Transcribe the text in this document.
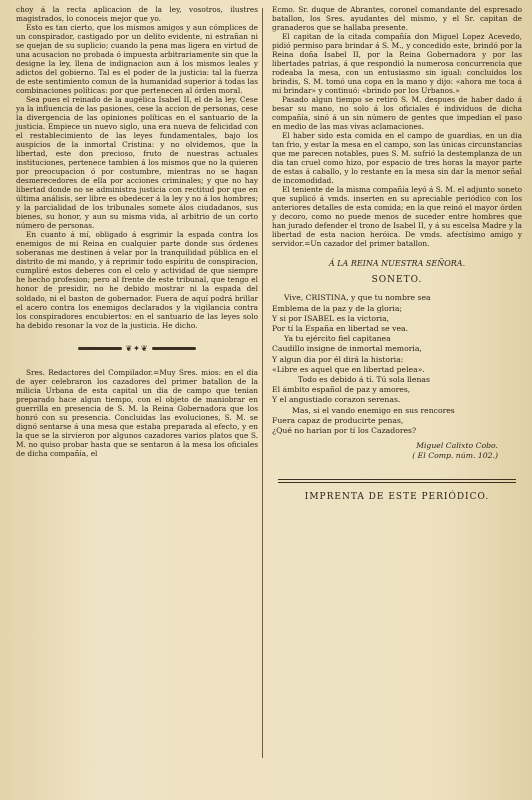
choy á la recta aplicacion de la ley, vosotros, ilustres magistrados, lo conoceis mejor que yo.

Esto es tan cierto, que los mismos amigos y aun cómplices de un conspirador, castigado por un delito evidente, ni estrañan ni se quejan de su suplicio; cuando la pena mas ligera en virtud de una acusacion no probada ó impuesta arbitrariamente sin que la designe la ley, llena de indignacion aun á los mismos leales y adictos del gobierno. Tal es el poder de la justicia: tal la fuerza de este sentimiento comun de la humanidad superior á todas las combinaciones políticas: por que pertenecen al órden moral.

Sea pues el reinado de la augélica Isabel II, el de la ley. Cese ya la influencia de las pasiones, cese la accion de personas, cese la divergencia de las opiniones políticas en el santuario de la justicia. Empiece un nuevo siglo, una era nueva de felicidad con el restablecimiento de las leyes fundamentales, bajo los auspicios de la inmortal Cristina: y no olvidemos, que la libertad, este don precioso, fruto de nuestras actuales instituciones, pertenece tambien á los mismos que no la quieren por preocupacion ó por costumbre, mientras no se hagan desmerecedores de ella por acciones criminales; y que no hay libertad donde no se administra justicia con rectitud por que en última análisis, ser libre es obedecer á la ley y no á los hombres; y la parcialidad de los tribunales somete álos ciudadanos, sus bienes, su honor, y aun su misma vida, al arbitrio de un corto número de personas.

En cuanto á mí, obligado á esgrimir la espada contra los enemigos de mi Reina en cualquier parte donde sus órdenes soberanas me destinen á velar por la tranquilidad pública en el distrito de mi mando, y á reprimir todo espíritu de conspiracion, cumpliré estos deberes con el celo y actividad de que siempre he hecho profesion; pero al frente de este tribunal, que tengo el honor de presidir, no he debido mostrar ni la espada del soldado, ni el baston de gobernador. Fuera de aquí podrá brillar el acero contra los enemigos declarados y la vigilancia contra los conspiradores encubiertos: en el santuario de las leyes solo ha debido resonar la voz de la justicia. He dicho.

❦✦❦

Sres. Redactores del Compilador.=Muy Sres. mios: en el dia de ayer celebraron los cazadores del primer batallon de la milicia Urbana de esta capital un dia de campo que tenian preparado hace algun tiempo, con el objeto de maniobrar en guerrilla en presencia de S. M. la Reina Gobernadora que los honró con su presencia. Concluidas las evoluciones, S. M. se dignó sentarse á una mesa que estaba preparada al efecto, y en la que se la sirvieron por algunos cazadores varios platos que S. M. no quiso probar hasta que se sentaron á la mesa los oficiales de dicha compañía, el

Ecmo. Sr. duque de Abrantes, coronel comandante del espresado batallon, los Sres. ayudantes del mismo, y el Sr. capitan de granaderos que se hallaba presente.

El capitan de la citada compañía don Miguel Lopez Acevedo, pidió permiso para brindar á S. M., y concedido este, brindó por la Reina doña Isabel II, por la Reina Gobernadora y por las libertades patrias, á que respondió la numerosa concurrencia que rodeaba la mesa, con un entusiasmo sin igual: concluidos los brindis, S. M. tomó una copa en la mano y dijo: «ahora me toca á mi brindar» y continuó: «brindo por los Urbanos.»

Pasado algun tiempo se retiró S. M. despues de haber dado á besar su mano, no solo á los oficiales é individuos de dicha compañía, sinó á un sin número de gentes que impedian el paso en medio de las mas vivas aclamaciones.

El haber sido esta comida en el campo de guardias, en un dia tan frio, y estar la mesa en el campo, son las únicas circunstancias que me parecen notables, pues S. M. sufrió la destemplanza de un dia tan cruel como hizo, por espacio de tres horas la mayor parte de estas á caballo, y lo restante en la mesa sin dar la menor señal de incomodidad.

El teniente de la misma compañía leyó á S. M. el adjunto soneto que suplicó á vmds. inserten en su apreciable periódico con los anteriores detalles de esta comida; en la que reinó el mayor órden y decoro, como no puede menos de suceder entre hombres que han jurado defender el trono de Isabel II, y á su escelsa Madre y la libertad de esta nacion heróica. De vmds. afectísimo amigo y servidor.=Un cazador del primer batallon.

Á LA REINA NUESTRA SEÑORA.
SONETO.

Vive, CRISTINA, y que tu nombre sea

Emblema de la paz y de la gloria;

Y si por ISABEL es la victoria,

Por tí la España en libertad se vea.

Ya tu ejército fiel capitanea

Caudillo insigne de inmortal memoria,

Y algun dia por él dirá la historia:

«Libre es aquel que en libertad pelea».

Todo es debido á tí. Tú sola llenas

El ámbito español de paz y amores,

Y el angustiado corazon serenas.

Mas, si el vando enemigo en sus rencores

Fuera capaz de producirte penas,

¿Qué no harian por tí los Cazadores?

Miguel Calixto Cobo.
( El Comp. núm. 102.)
IMPRENTA DE ESTE PERIÓDICO.
